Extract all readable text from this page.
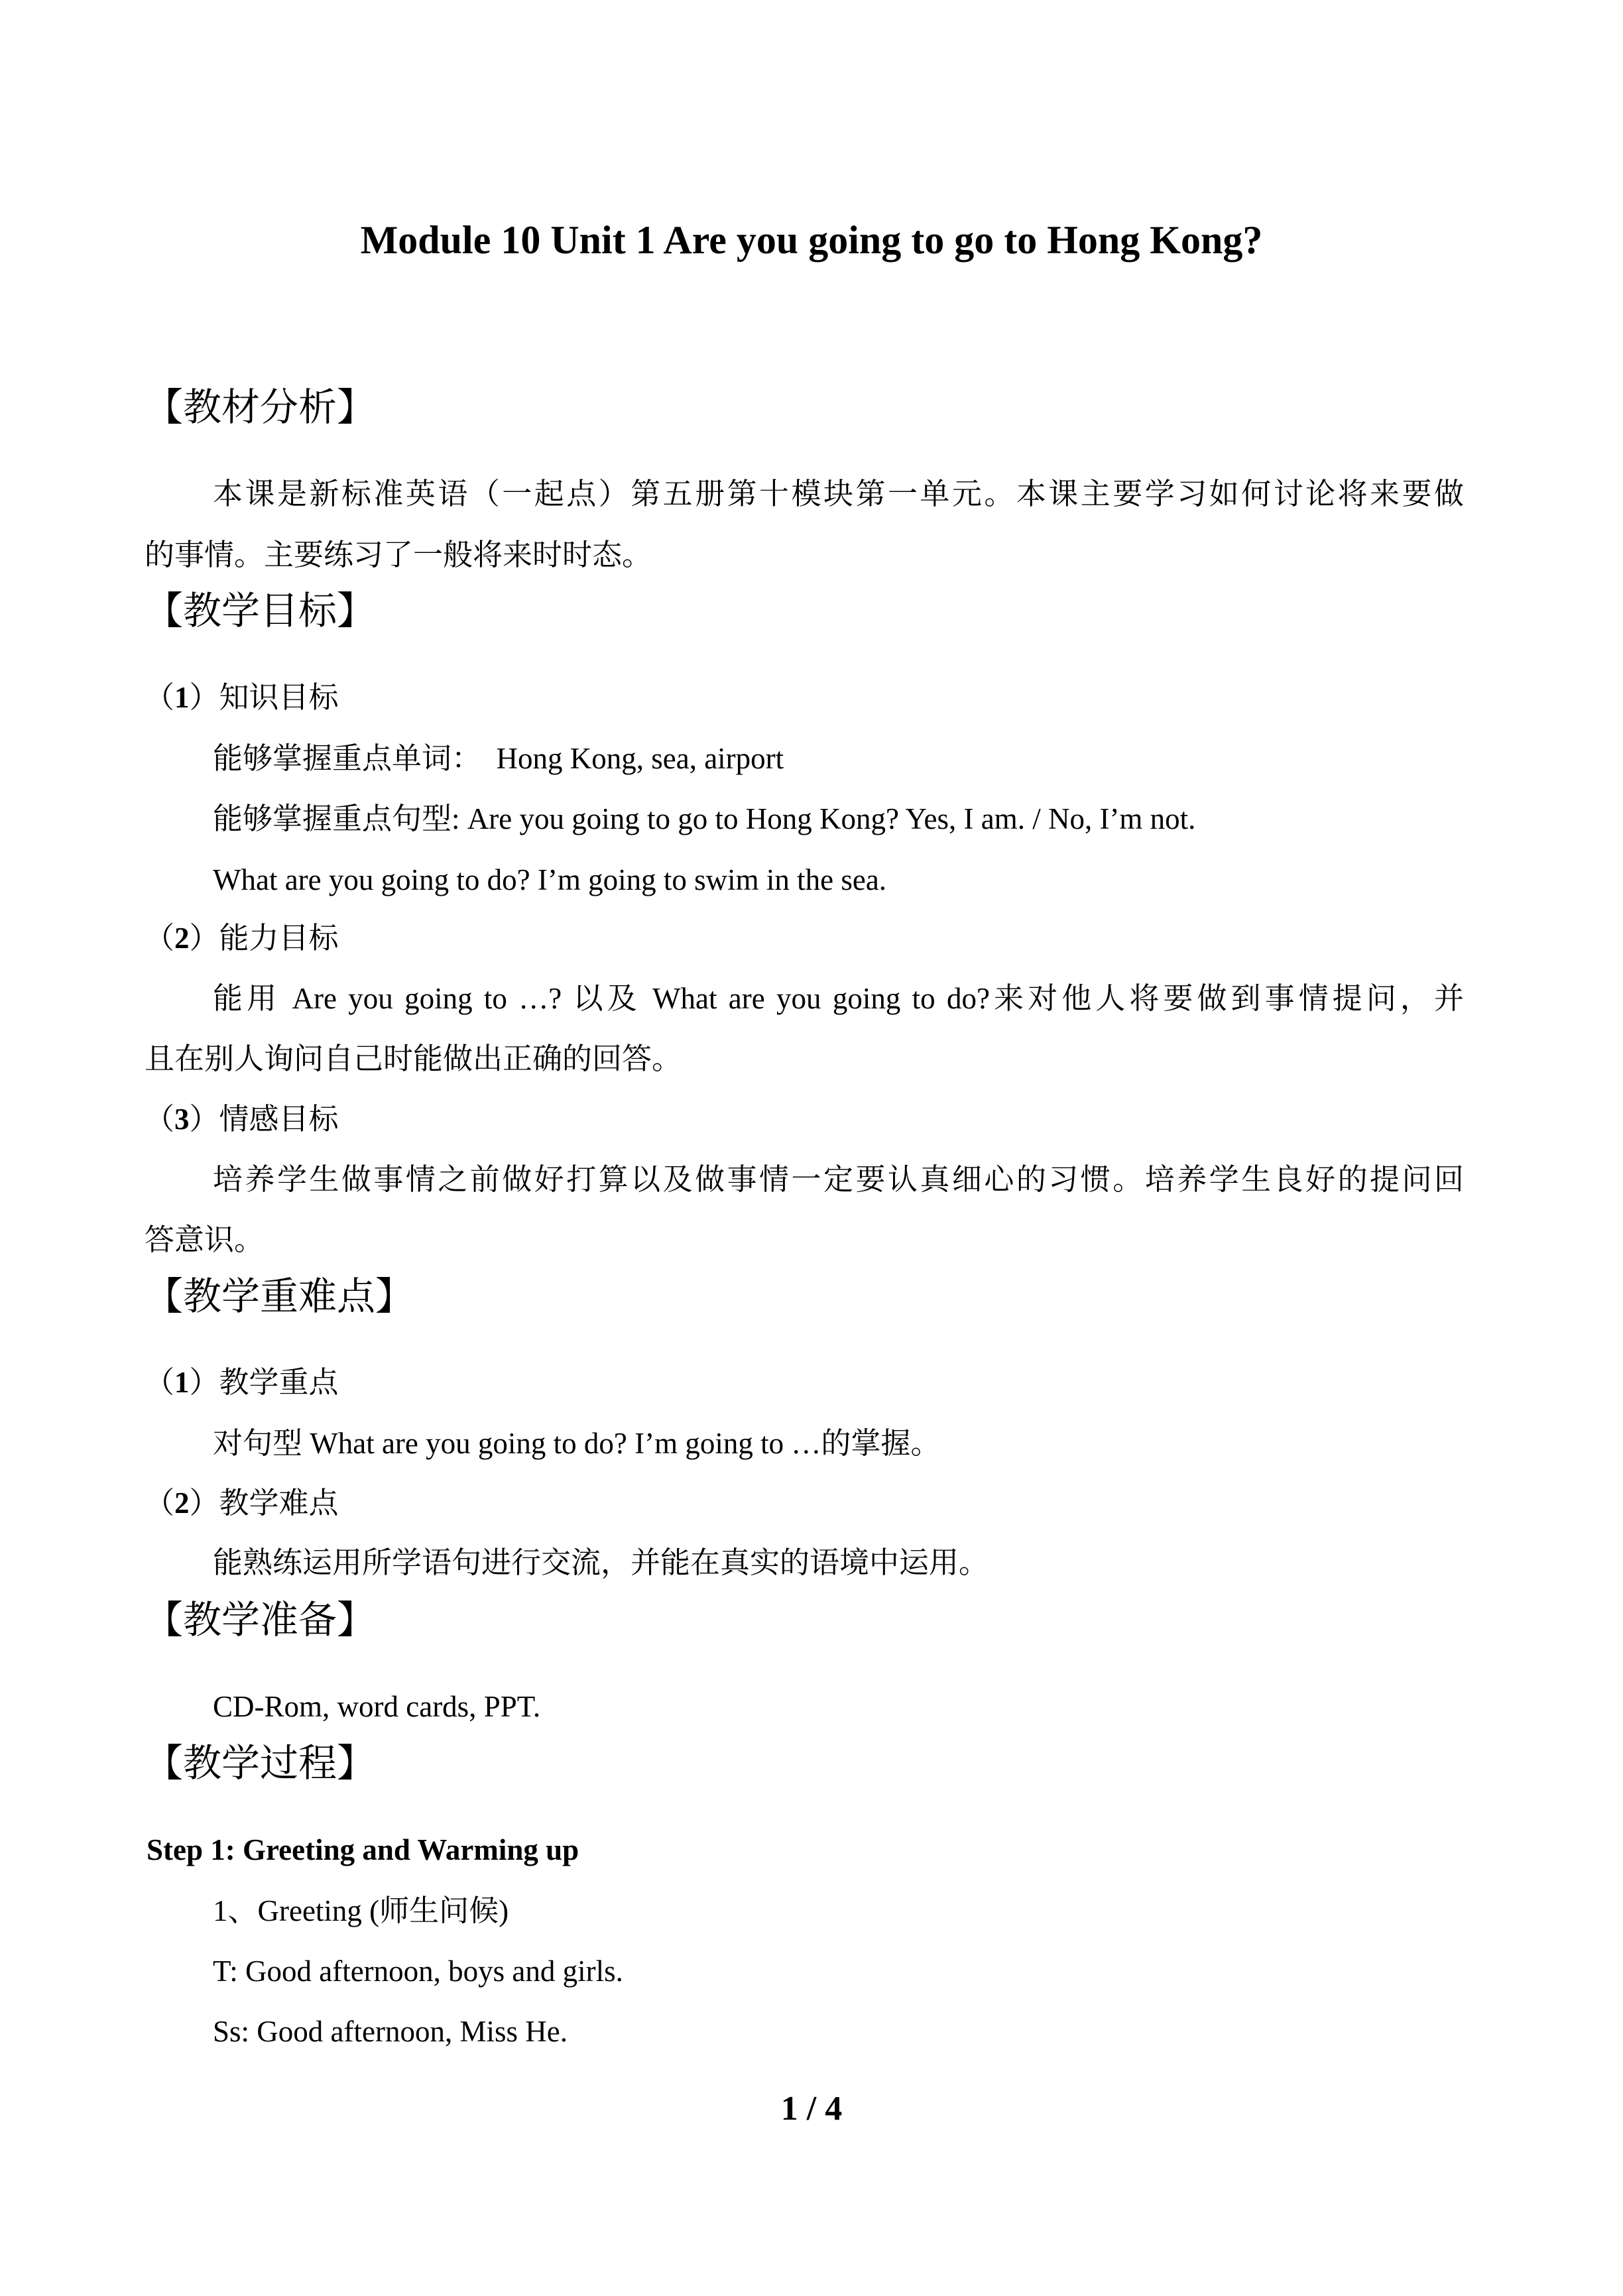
Module 10 Unit 1 Are you going to go to Hong Kong?
【教材分析】
本课是新标准英语（一起点）第五册第十模块第一单元。本课主要学习如何讨论将来要做
的事情。主要练习了一般将来时时态。
【教学目标】
（1）知识目标
能够掌握重点单词：　Hong Kong, sea, airport
能够掌握重点句型: Are you going to go to Hong Kong? Yes, I am. / No, I’m not.
What are you going to do? I’m going to swim in the sea.
（2）能力目标
能用 Are you going to …? 以及 What are you going to do?来对他人将要做到事情提问，并
且在别人询问自己时能做出正确的回答。
（3）情感目标
培养学生做事情之前做好打算以及做事情一定要认真细心的习惯。培养学生良好的提问回
答意识。
【教学重难点】
（1）教学重点
对句型 What are you going to do? I’m going to …的掌握。
（2）教学难点
能熟练运用所学语句进行交流，并能在真实的语境中运用。
【教学准备】
CD-Rom, word cards, PPT.
【教学过程】
Step 1: Greeting and Warming up
1、Greeting (师生问候)
T: Good afternoon, boys and girls.
Ss: Good afternoon, Miss He.
1 / 4
